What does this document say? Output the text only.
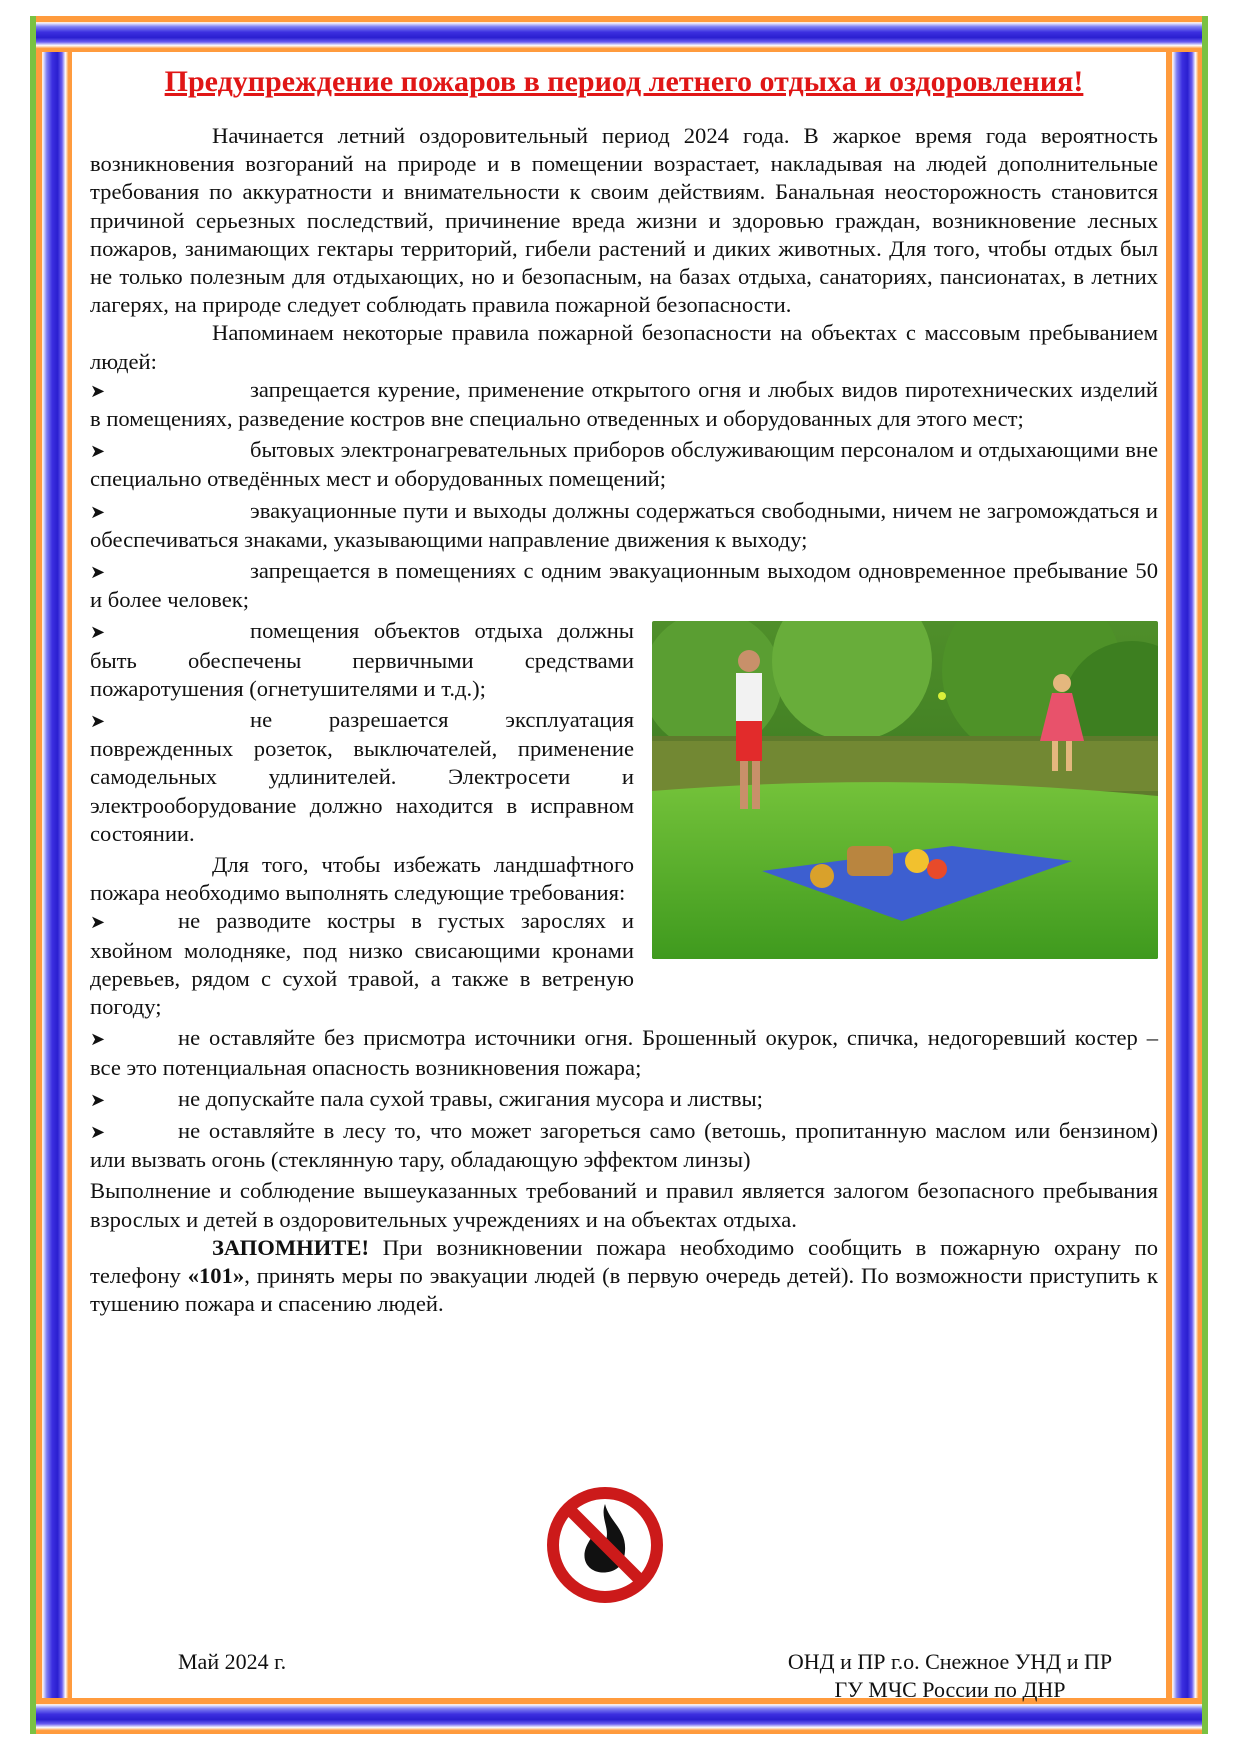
Предупреждение пожаров в период летнего отдыха и оздоровления!

Начинается летний оздоровительный период 2024 года. В жаркое время года вероятность возникновения возгораний на природе и в помещении возрастает, накладывая на людей дополнительные требования по аккуратности и внимательности к своим действиям. Банальная неосторожность становится причиной серьезных последствий, причинение вреда жизни и здоровью граждан, возникновение лесных пожаров, занимающих гектары территорий, гибели растений и диких животных. Для того, чтобы отдых был не только полезным для отдыхающих, но и безопасным, на базах отдыха, санаториях, пансионатах, в летних лагерях, на природе следует соблюдать правила пожарной безопасности.

Напоминаем некоторые правила пожарной безопасности на объектах с массовым пребыванием людей:

➤	запрещается курение, применение открытого огня и любых видов пиротехнических изделий в помещениях, разведение костров вне специально отведенных и оборудованных для этого мест;
➤	бытовых электронагревательных приборов обслуживающим персоналом и отдыхающими вне специально отведённых мест и оборудованных помещений;
➤	эвакуационные пути и выходы должны содержаться свободными, ничем не загромождаться и обеспечиваться знаками, указывающими направление движения к выходу;
➤	запрещается в помещениях с одним эвакуационным выходом одновременное пребывание 50 и более человек;
➤	помещения объектов отдыха должны быть обеспечены первичными средствами пожаротушения (огнетушителями и т.д.);
➤	не разрешается эксплуатация поврежденных розеток, выключателей, применение самодельных удлинителей. Электросети и электрооборудование должно находится в исправном состоянии.

Для того, чтобы избежать ландшафтного пожара необходимо выполнять следующие требования:

➤	не разводите костры в густых зарослях и хвойном молодняке, под низко свисающими кронами деревьев, рядом с сухой травой, а также в ветреную погоду;
➤	не оставляйте без присмотра источники огня. Брошенный окурок, спичка, недогоревший костер – все это потенциальная опасность возникновения пожара;
➤	не допускайте пала сухой травы, сжигания мусора и листвы;
➤	не оставляйте в лесу то, что может загореться само (ветошь, пропитанную маслом или бензином) или вызвать огонь (стеклянную тару, обладающую эффектом линзы)

Выполнение и соблюдение вышеуказанных требований и правил является залогом безопасного пребывания взрослых и детей в оздоровительных учреждениях и на объектах отдыха.

ЗАПОМНИТЕ! При возникновении пожара необходимо сообщить в пожарную охрану по телефону «101», принять меры по эвакуации людей (в первую очередь детей). По возможности приступить к тушению пожара и спасению людей.

Май 2024 г.	ОНД и ПР г.о. Снежное УНД и ПР
ГУ МЧС России по ДНР
